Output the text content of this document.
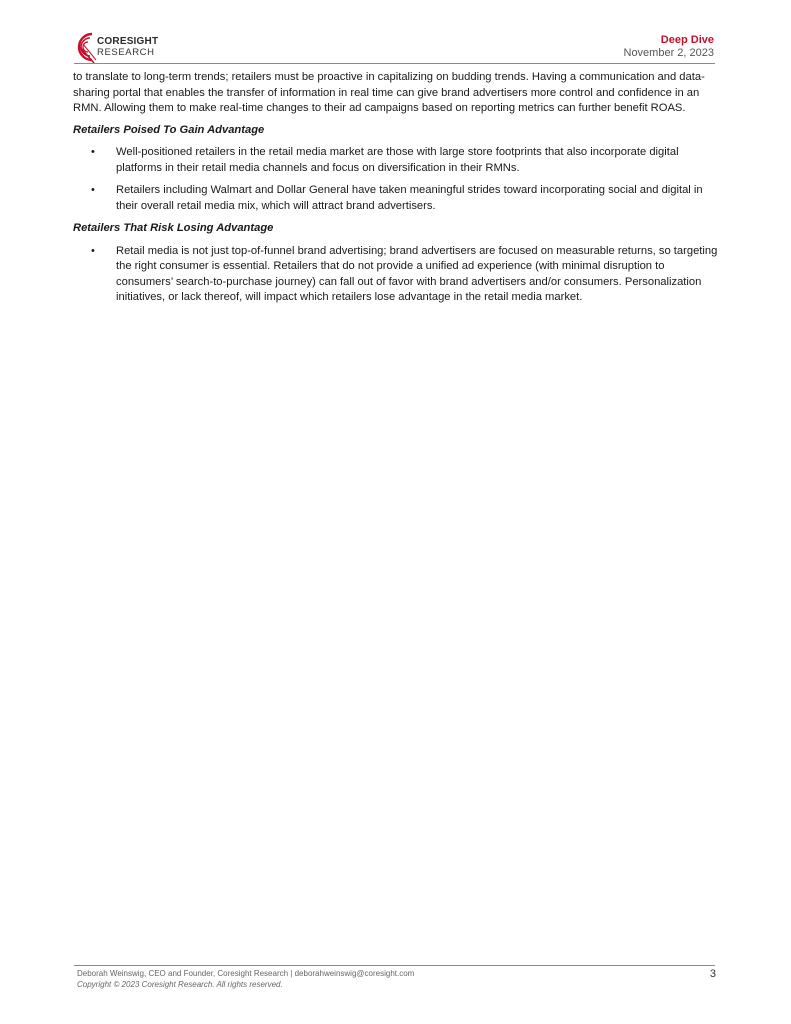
CORESIGHT
RESEARCH
Deep Dive
November 2, 2023

to translate to long-term trends; retailers must be proactive in capitalizing on budding trends. Having a communication and data-sharing portal that enables the transfer of information in real time can give brand advertisers more control and confidence in an RMN. Allowing them to make real-time changes to their ad campaigns based on reporting metrics can further benefit ROAS.

Retailers Poised To Gain Advantage
• Well-positioned retailers in the retail media market are those with large store footprints that also incorporate digital platforms in their retail media channels and focus on diversification in their RMNs.
• Retailers including Walmart and Dollar General have taken meaningful strides toward incorporating social and digital in their overall retail media mix, which will attract brand advertisers.
Retailers That Risk Losing Advantage
• Retail media is not just top-of-funnel brand advertising; brand advertisers are focused on measurable returns, so targeting the right consumer is essential. Retailers that do not provide a unified ad experience (with minimal disruption to consumers’ search-to-purchase journey) can fall out of favor with brand advertisers and/or consumers. Personalization initiatives, or lack thereof, will impact which retailers lose advantage in the retail media market.
Deborah Weinswig, CEO and Founder, Coresight Research | deborahweinswig@coresight.com
Copyright © 2023 Coresight Research. All rights reserved.
3
